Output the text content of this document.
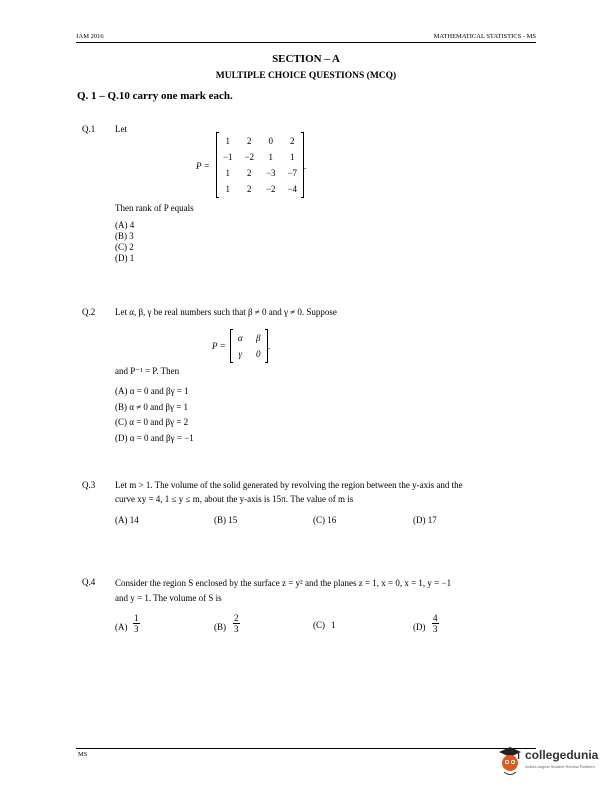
JAM 2016	MATHEMATICAL STATISTICS - MS
SECTION – A
MULTIPLE CHOICE QUESTIONS (MCQ)
Q. 1 – Q.10 carry one mark each.
Q.1 Let
P =
1	2	0	2
−1	−2	1	1
1	2	−3	−7
1	2	−2	−4
.
Then rank of P equals
(A) 4
(B) 3
(C) 2
(D) 1
Q.2 Let α, β, γ be real numbers such that β ≠ 0 and γ ≠ 0. Suppose
P =
α	β
γ	0
.
and P⁻¹ = P. Then
(A) α = 0 and βγ = 1
(B) α ≠ 0 and βγ = 1
(C) α = 0 and βγ = 2
(D) α = 0 and βγ = −1
Q.3 Let m > 1. The volume of the solid generated by revolving the region between the y-axis and the
curve xy = 4, 1 ≤ y ≤ m, about the y-axis is 15π. The value of m is
(A) 14	(B) 15	(C) 16	(D) 17
Q.4 Consider the region S enclosed by the surface z = y² and the planes z = 1, x = 0, x = 1, y = −1
and y = 1. The volume of S is
$(A) \frac{1}{3}$	$(B) \frac{2}{3}$	(C) 1	$(D) \frac{4}{3}$
MS	collegedunia
India's largest Student Review Platform
